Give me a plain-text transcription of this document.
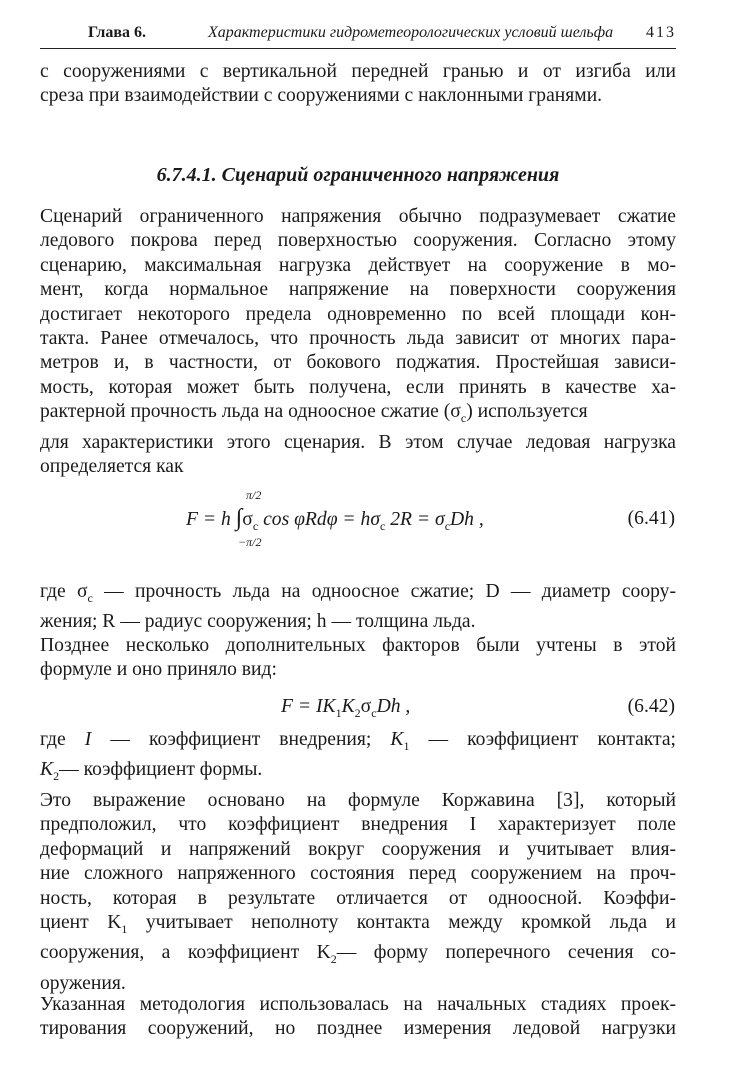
Глава 6.	Характеристики гидрометеорологических условий шельфа 413
с сооружениями с вертикальной передней гранью и от изгиба или
среза при взаимодействии с сооружениями с наклонными гранями.
6.7.4.1. Сценарий ограниченного напряжения
Сценарий ограниченного напряжения обычно подразумевает сжатие
ледового покрова перед поверхностью сооружения. Согласно этому
сценарию, максимальная нагрузка действует на сооружение в мо-
мент, когда нормальное напряжение на поверхности сооружения
достигает некоторого предела одновременно по всей площади кон-
такта. Ранее отмечалось, что прочность льда зависит от многих пара-
метров и, в частности, от бокового поджатия. Простейшая зависи-
мость, которая может быть получена, если принять в качестве ха-
рактерной прочность льда на одноосное сжатие $(\sigma_c)$ используется
для характеристики этого сценария. В этом случае ледовая нагрузка
определяется как
π/2
−π/2
F = h $\int\sigma_c$ $\cos \varphi Rd\varphi = h\sigma_c$ $2R = \sigma_cDh$ ,	(6.41)
где $\sigma_c$ — прочность льда на одноосное сжатие; D — диаметр соору-
жения; R — радиус сооружения; h — толщина льда.
Позднее несколько дополнительных факторов были учтены в этой
формуле и оно приняло вид:
$F = IK_1K_2\sigma_cDh$ ,	(6.42)
где I — коэффициент внедрения; $K_1$ — коэффициент контакта;
$K_2—$ коэффициент формы.
Это выражение основано на формуле Коржавина [3], который
предположил, что коэффициент внедрения I характеризует поле
деформаций и напряжений вокруг сооружения и учитывает влия-
ние сложного напряженного состояния перед сооружением на проч-
ность, которая в результате отличается от одноосной. Коэффи-
циент $K_1$ учитывает неполноту контакта между кромкой льда и
сооружения, а коэффициент $K_2—$ форму поперечного сечения со-
оружения.
Указанная методология использовалась на начальных стадиях проек-
тирования сооружений, но позднее измерения ледовой нагрузки
